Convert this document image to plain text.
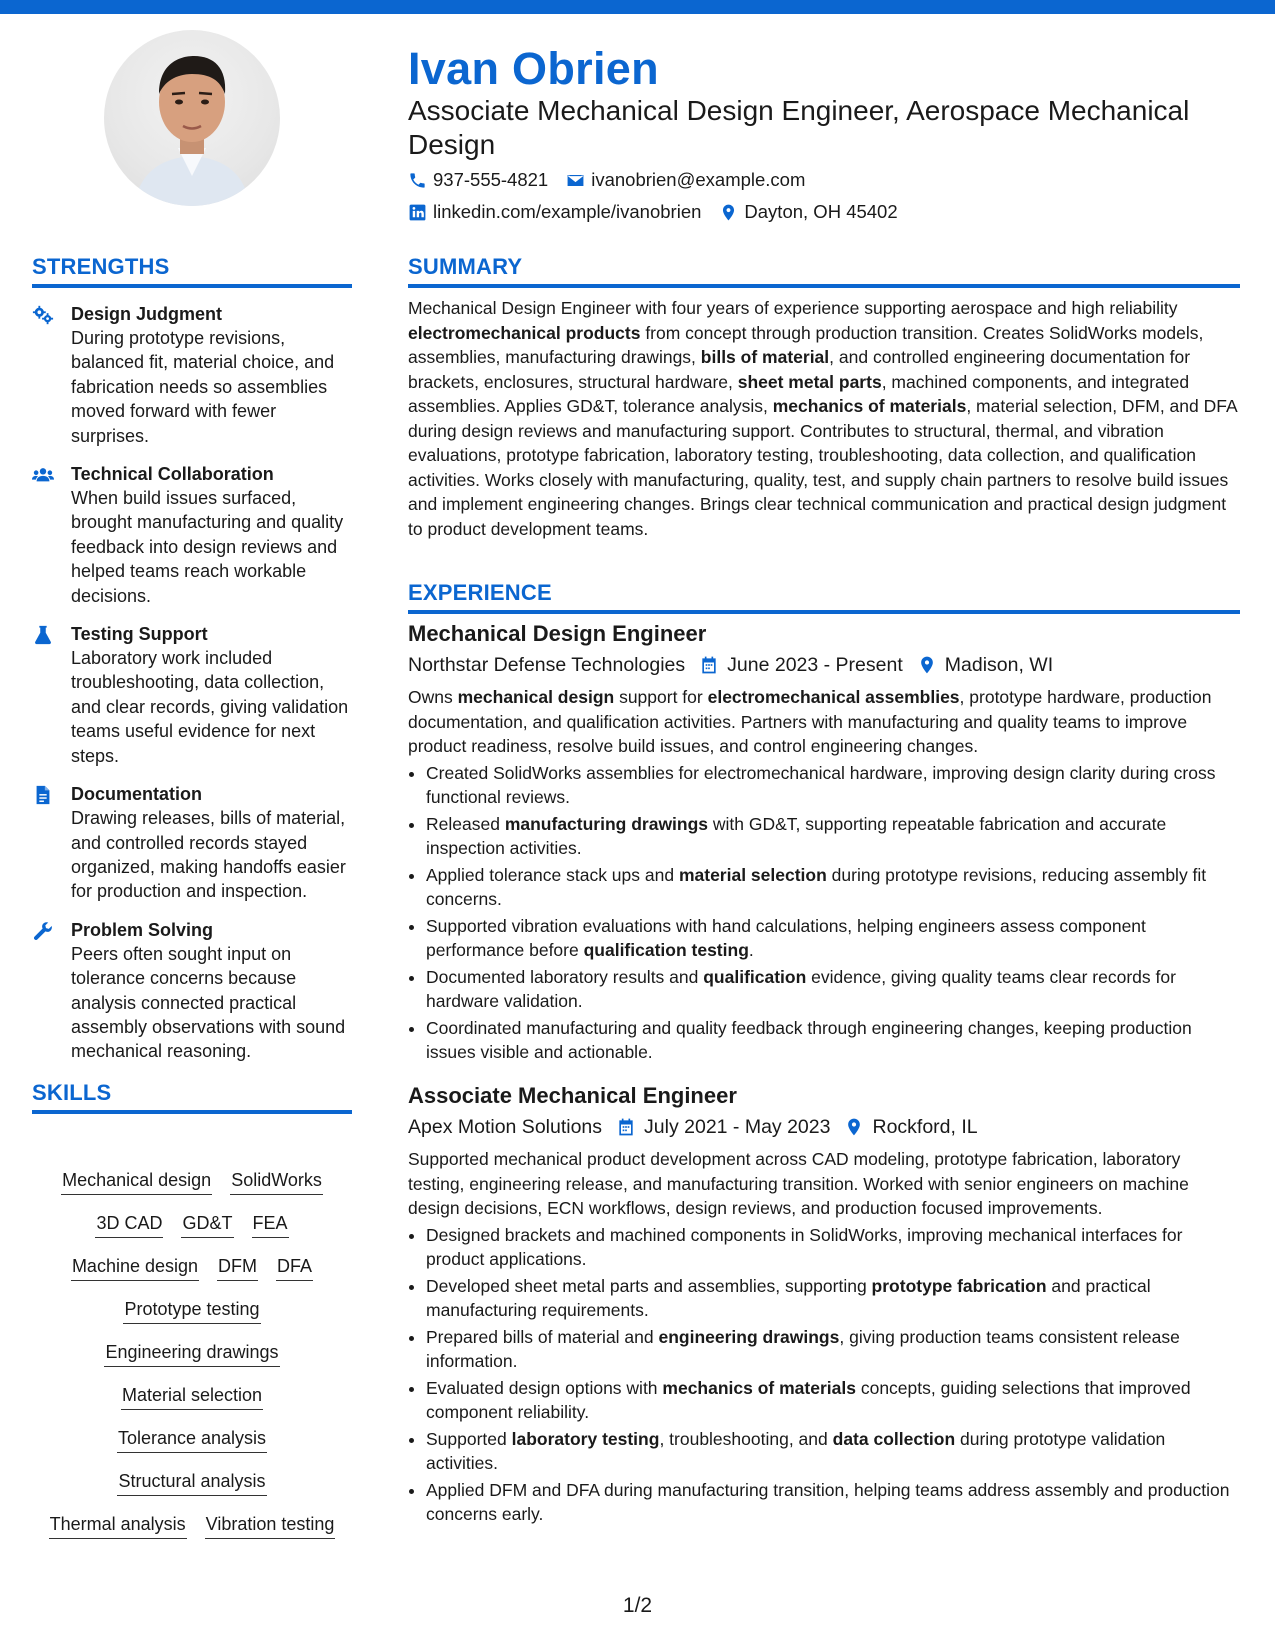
Ivan Obrien
Associate Mechanical Design Engineer, Aerospace Mechanical Design
937-555-4821 ivanobrien@example.com
linkedin.com/example/ivanobrien Dayton, OH 45402
STRENGTHS
Design Judgment
During prototype revisions, balanced fit, material choice, and fabrication needs so assemblies moved forward with fewer surprises.
Technical Collaboration
When build issues surfaced, brought manufacturing and quality feedback into design reviews and helped teams reach workable decisions.
Testing Support
Laboratory work included troubleshooting, data collection, and clear records, giving validation teams useful evidence for next steps.
Documentation
Drawing releases, bills of material, and controlled records stayed organized, making handoffs easier for production and inspection.
Problem Solving
Peers often sought input on tolerance concerns because analysis connected practical assembly observations with sound mechanical reasoning.
SKILLS
Mechanical design SolidWorks
3D CAD GD&T FEA
Machine design DFM DFA
Prototype testing
Engineering drawings
Material selection
Tolerance analysis
Structural analysis
Thermal analysis Vibration testing
SUMMARY
Mechanical Design Engineer with four years of experience supporting aerospace and high reliability electromechanical products from concept through production transition. Creates SolidWorks models, assemblies, manufacturing drawings, bills of material, and controlled engineering documentation for brackets, enclosures, structural hardware, sheet metal parts, machined components, and integrated assemblies. Applies GD&T, tolerance analysis, mechanics of materials, material selection, DFM, and DFA during design reviews and manufacturing support. Contributes to structural, thermal, and vibration evaluations, prototype fabrication, laboratory testing, troubleshooting, data collection, and qualification activities. Works closely with manufacturing, quality, test, and supply chain partners to resolve build issues and implement engineering changes. Brings clear technical communication and practical design judgment to product development teams.
EXPERIENCE
Mechanical Design Engineer
Northstar Defense Technologies June 2023 - Present Madison, WI
Owns mechanical design support for electromechanical assemblies, prototype hardware, production documentation, and qualification activities. Partners with manufacturing and quality teams to improve product readiness, resolve build issues, and control engineering changes.
• Created SolidWorks assemblies for electromechanical hardware, improving design clarity during cross functional reviews.
• Released manufacturing drawings with GD&T, supporting repeatable fabrication and accurate inspection activities.
• Applied tolerance stack ups and material selection during prototype revisions, reducing assembly fit concerns.
• Supported vibration evaluations with hand calculations, helping engineers assess component performance before qualification testing.
• Documented laboratory results and qualification evidence, giving quality teams clear records for hardware validation.
• Coordinated manufacturing and quality feedback through engineering changes, keeping production issues visible and actionable.
Associate Mechanical Engineer
Apex Motion Solutions July 2021 - May 2023 Rockford, IL
Supported mechanical product development across CAD modeling, prototype fabrication, laboratory testing, engineering release, and manufacturing transition. Worked with senior engineers on machine design decisions, ECN workflows, design reviews, and production focused improvements.
• Designed brackets and machined components in SolidWorks, improving mechanical interfaces for product applications.
• Developed sheet metal parts and assemblies, supporting prototype fabrication and practical manufacturing requirements.
• Prepared bills of material and engineering drawings, giving production teams consistent release information.
• Evaluated design options with mechanics of materials concepts, guiding selections that improved component reliability.
• Supported laboratory testing, troubleshooting, and data collection during prototype validation activities.
• Applied DFM and DFA during manufacturing transition, helping teams address assembly and production concerns early.
1/2
